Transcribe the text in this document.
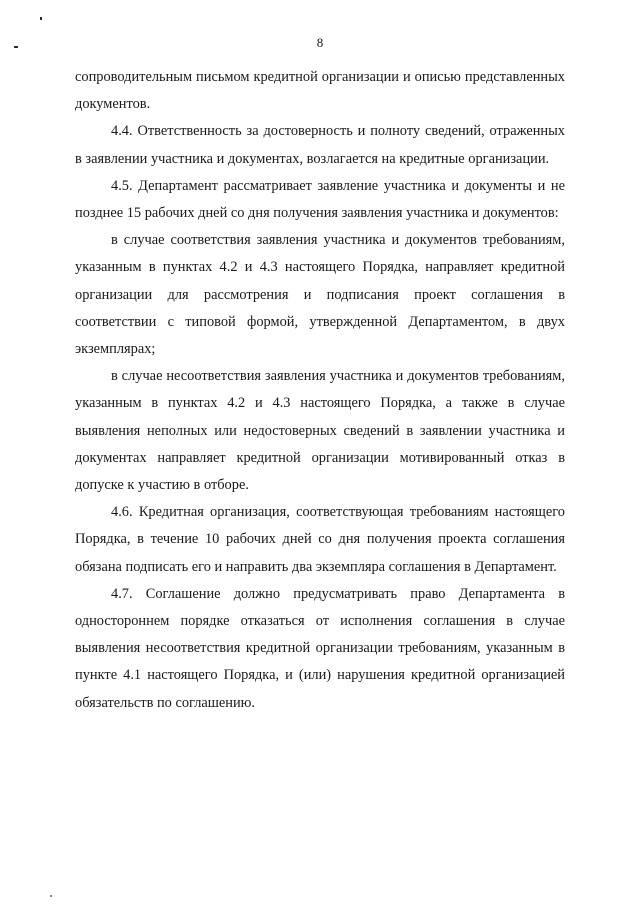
8

сопроводительным письмом кредитной организации и описью представленных документов.

4.4. Ответственность за достоверность и полноту сведений, отраженных в заявлении участника и документах, возлагается на кредитные организации.

4.5. Департамент рассматривает заявление участника и документы и не позднее 15 рабочих дней со дня получения заявления участника и документов:

в случае соответствия заявления участника и документов требованиям, указанным в пунктах 4.2 и 4.3 настоящего Порядка, направляет кредитной организации для рассмотрения и подписания проект соглашения в соответствии с типовой формой, утвержденной Департаментом, в двух экземплярах;

в случае несоответствия заявления участника и документов требованиям, указанным в пунктах 4.2 и 4.3 настоящего Порядка, а также в случае выявления неполных или недостоверных сведений в заявлении участника и документах направляет кредитной организации мотивированный отказ в допуске к участию в отборе.

4.6. Кредитная организация, соответствующая требованиям настоящего Порядка, в течение 10 рабочих дней со дня получения проекта соглашения обязана подписать его и направить два экземпляра соглашения в Департамент.

4.7. Соглашение должно предусматривать право Департамента в одностороннем порядке отказаться от исполнения соглашения в случае выявления несоответствия кредитной организации требованиям, указанным в пункте 4.1 настоящего Порядка, и (или) нарушения кредитной организацией обязательств по соглашению.
